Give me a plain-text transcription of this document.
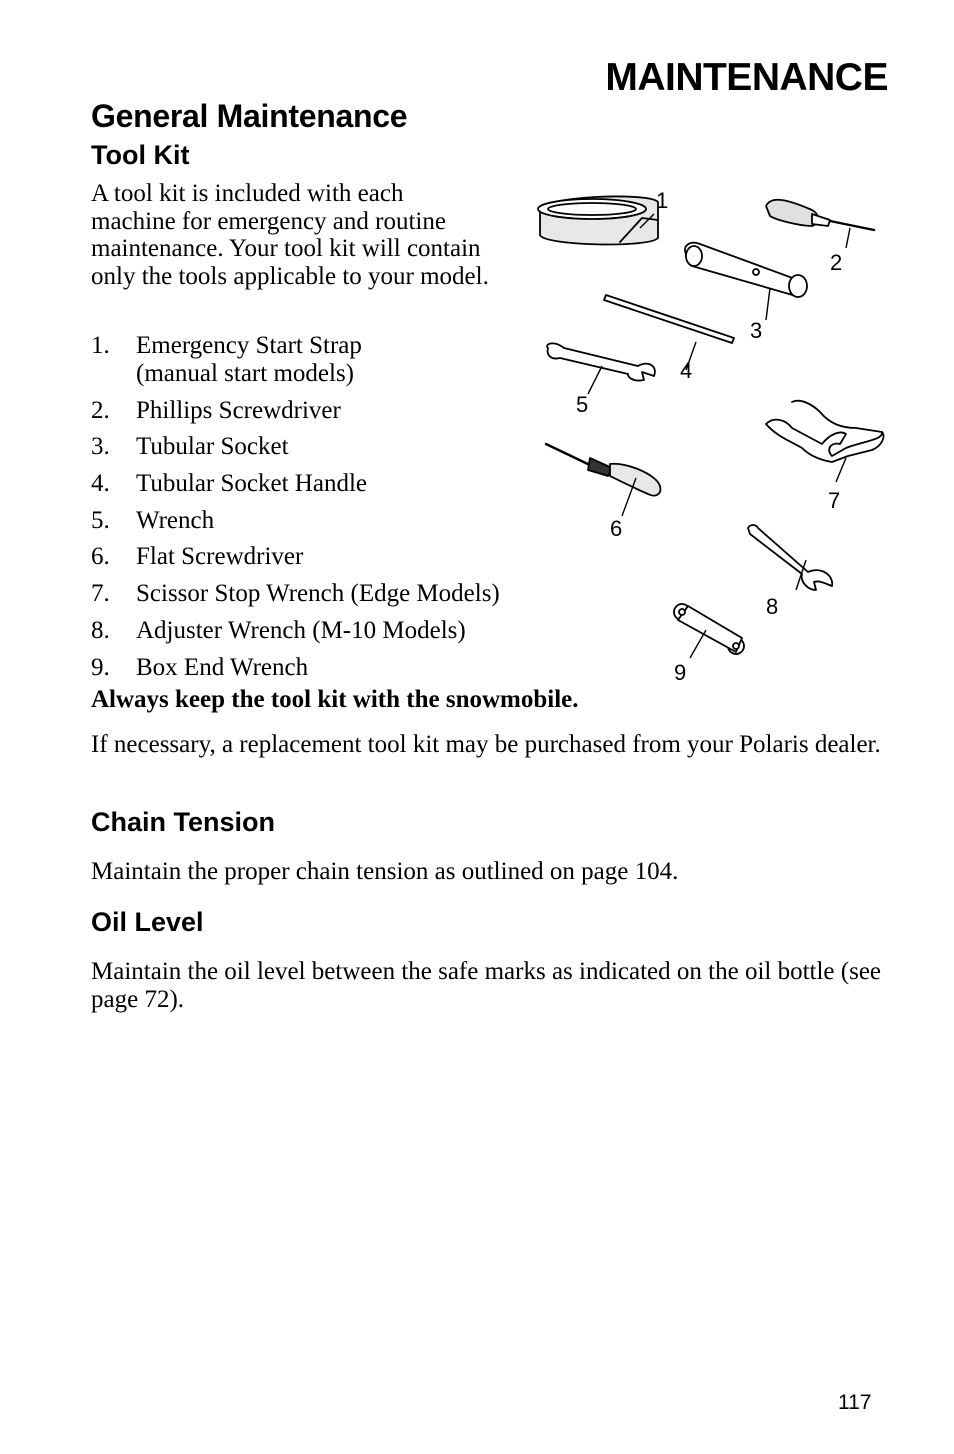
MAINTENANCE
General Maintenance
Tool Kit

A tool kit is included with each machine for emergency and routine maintenance. Your tool kit will contain only the tools applicable to your model.

1. Emergency Start Strap
(manual start models)
2. Phillips Screwdriver
3. Tubular Socket
4. Tubular Socket Handle
5. Wrench
6. Flat Screwdriver
7. Scissor Stop Wrench (Edge Models)
8. Adjuster Wrench (M-10 Models)
9. Box End Wrench
Always keep the tool kit with the snowmobile.

If necessary, a replacement tool kit may be purchased from your Polaris dealer.

Chain Tension

Maintain the proper chain tension as outlined on page 104.

Oil Level

Maintain the oil level between the safe marks as indicated on the oil bottle (see page 72).

117
1
2
3
4
5
6
7
8
9
